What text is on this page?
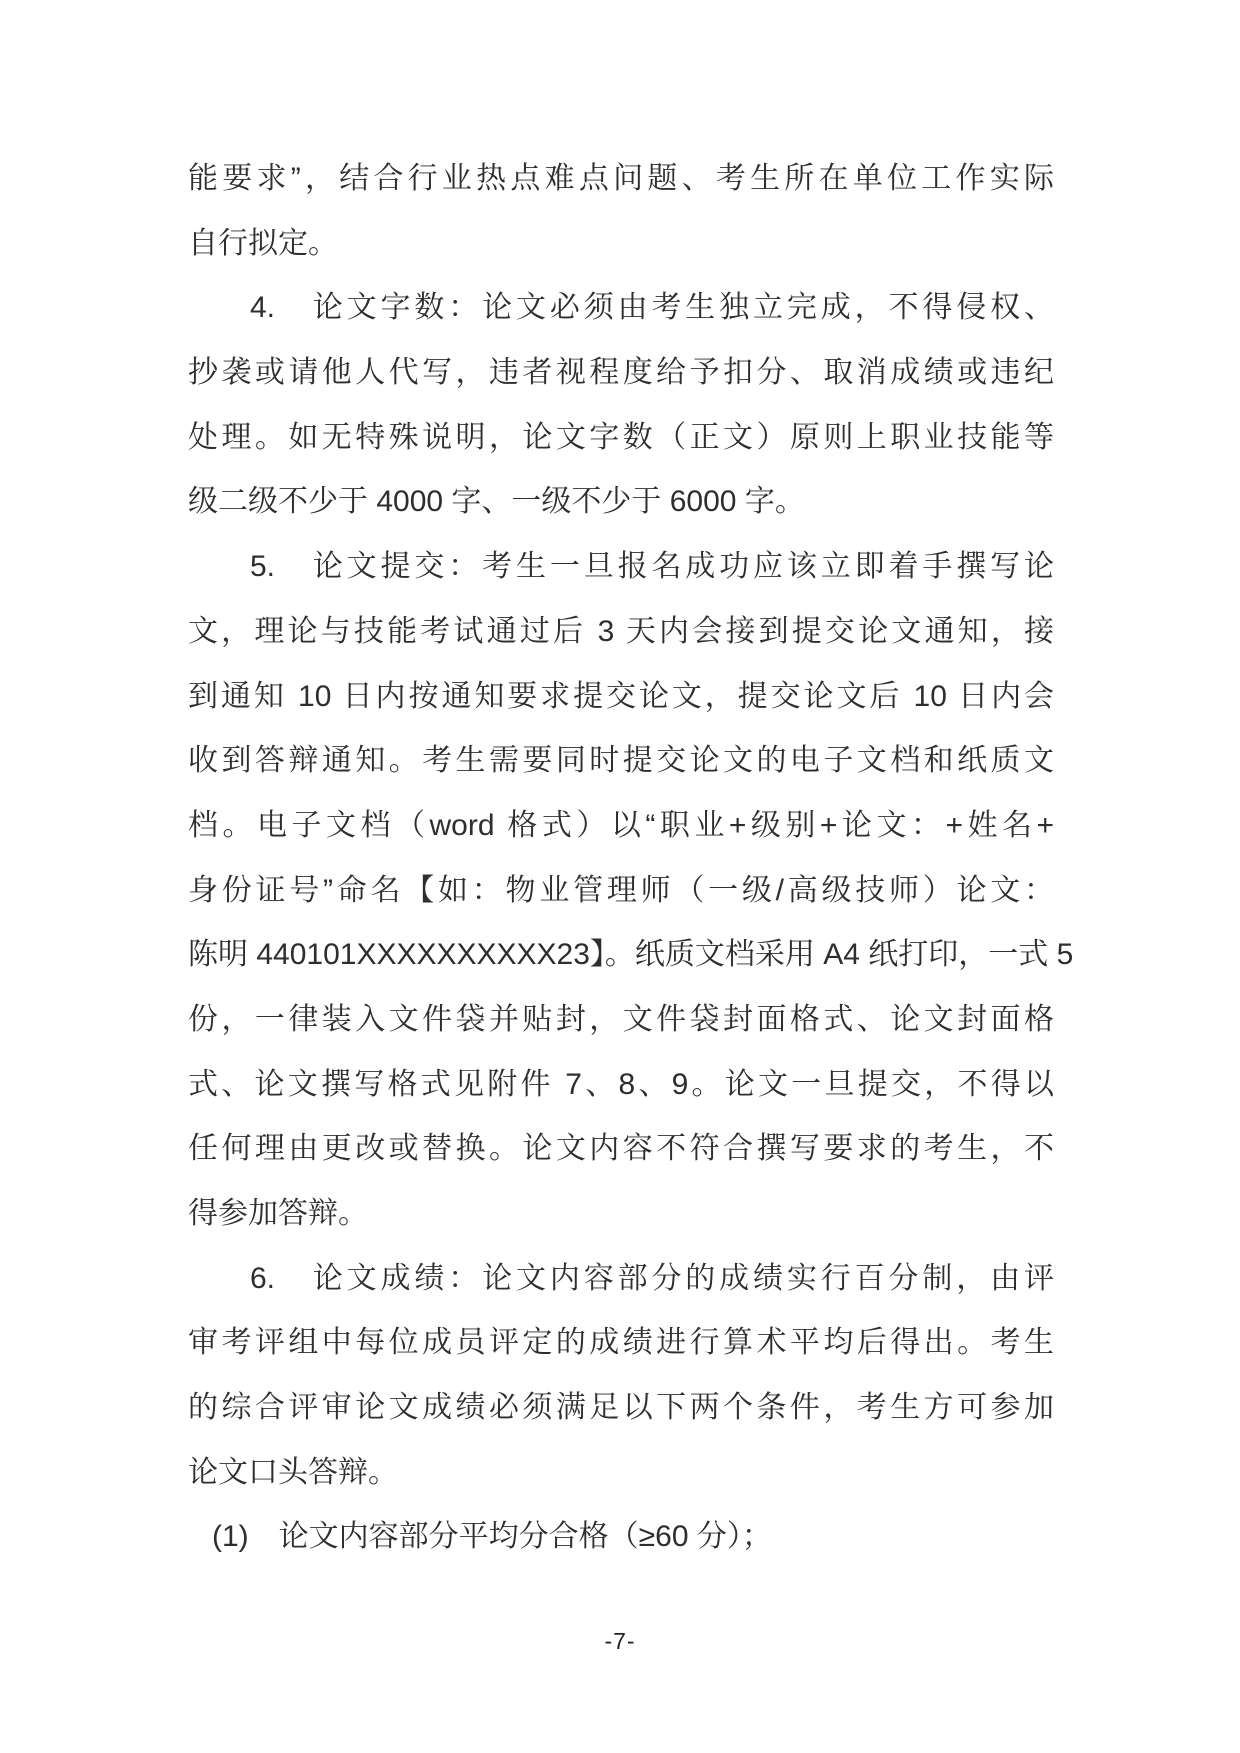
能要求”，结合行业热点难点问题、考生所在单位工作实际
自行拟定。
4.　论文字数：论文必须由考生独立完成，不得侵权、
抄袭或请他人代写，违者视程度给予扣分、取消成绩或违纪
处理。如无特殊说明，论文字数（正文）原则上职业技能等
级二级不少于 4000 字、一级不少于 6000 字。
5.　论文提交：考生一旦报名成功应该立即着手撰写论
文，理论与技能考试通过后 3 天内会接到提交论文通知，接
到通知 10 日内按通知要求提交论文，提交论文后 10 日内会
收到答辩通知。考生需要同时提交论文的电子文档和纸质文
档。电子文档（word 格式）以“职业+级别+论文：+姓名+
身份证号”命名【如：物业管理师（一级/高级技师）论文：
陈明 440101XXXXXXXXXX23】。纸质文档采用 A4 纸打印，一式 5
份，一律装入文件袋并贴封，文件袋封面格式、论文封面格
式、论文撰写格式见附件 7、8、9。论文一旦提交，不得以
任何理由更改或替换。论文内容不符合撰写要求的考生，不
得参加答辩。
6.　论文成绩：论文内容部分的成绩实行百分制，由评
审考评组中每位成员评定的成绩进行算术平均后得出。考生
的综合评审论文成绩必须满足以下两个条件，考生方可参加
论文口头答辩。
(1)　论文内容部分平均分合格（≥60 分）；
-7-
